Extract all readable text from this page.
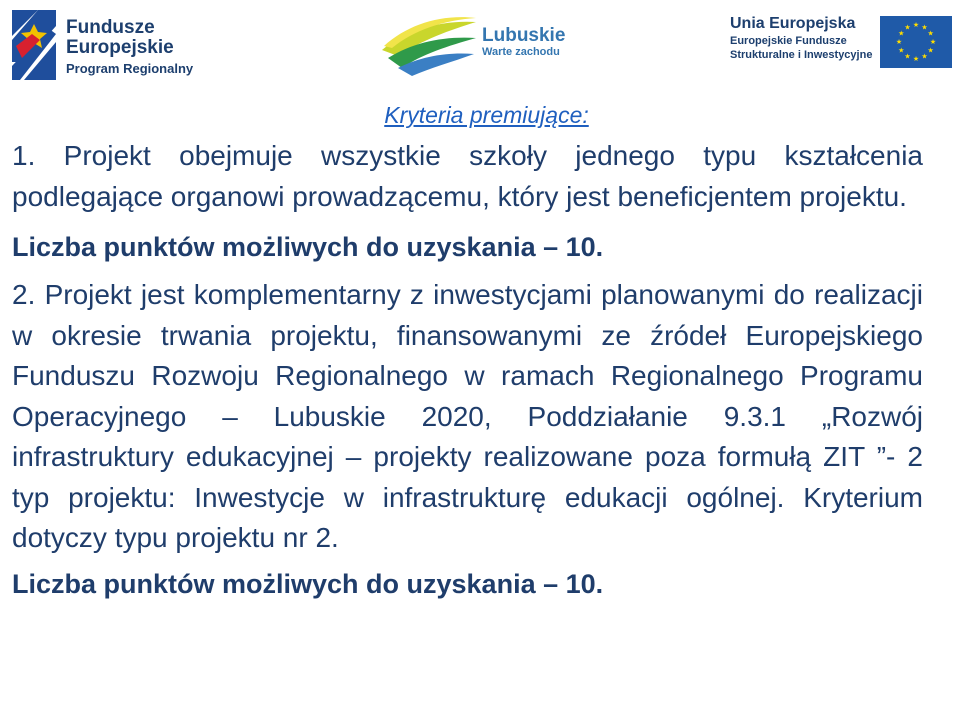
Fundusze
Europejskie
Program Regionalny
Lubuskie
Warte zachodu
Unia Europejska
Europejskie Fundusze
Strukturalne i Inwestycyjne
★ ★
★
★
★
★
★
★
★
★
★
★

Kryteria premiujące:

1. Projekt obejmuje wszystkie szkoły jednego typu kształcenia podlegające organowi prowadzącemu, który jest beneficjentem projektu.

Liczba punktów możliwych do uzyskania – 10.

2. Projekt jest komplementarny z inwestycjami planowanymi do realizacji w okresie trwania projektu, finansowanymi ze źródeł Europejskiego Funduszu Rozwoju Regionalnego w ramach Regionalnego Programu Operacyjnego – Lubuskie 2020, Poddziałanie 9.3.1 „Rozwój infrastruktury edukacyjnej – projekty realizowane poza formułą ZIT ”- 2 typ projektu: Inwestycje w infrastrukturę edukacji ogólnej. Kryterium dotyczy typu projektu nr 2.

Liczba punktów możliwych do uzyskania – 10.
